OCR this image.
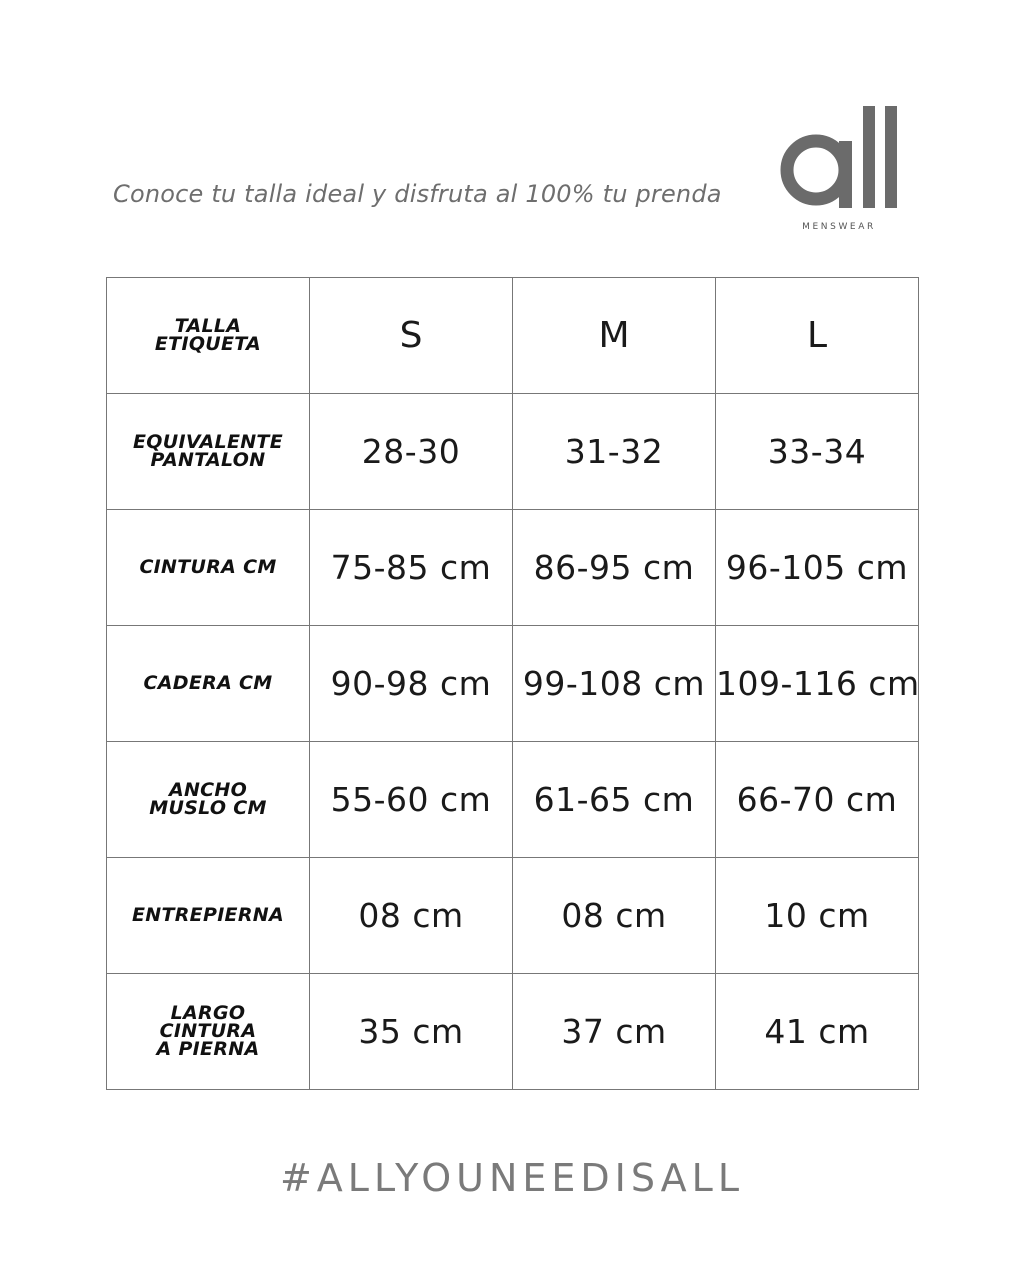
Conoce tu talla ideal y disfruta al 100% tu prenda
MENSWEAR
TALLA
ETIQUETA	S	M	L
EQUIVALENTE
PANTALON	28-30	31-32	33-34
CINTURA CM	75-85 cm	86-95 cm	96-105 cm
CADERA CM	90-98 cm	99-108 cm	109-116 cm
ANCHO
MUSLO CM	55-60 cm	61-65 cm	66-70 cm
ENTREPIERNA	08 cm	08 cm	10 cm
LARGO
CINTURA
A PIERNA	35 cm	37 cm	41 cm
#ALLYOUNEEDISALL
